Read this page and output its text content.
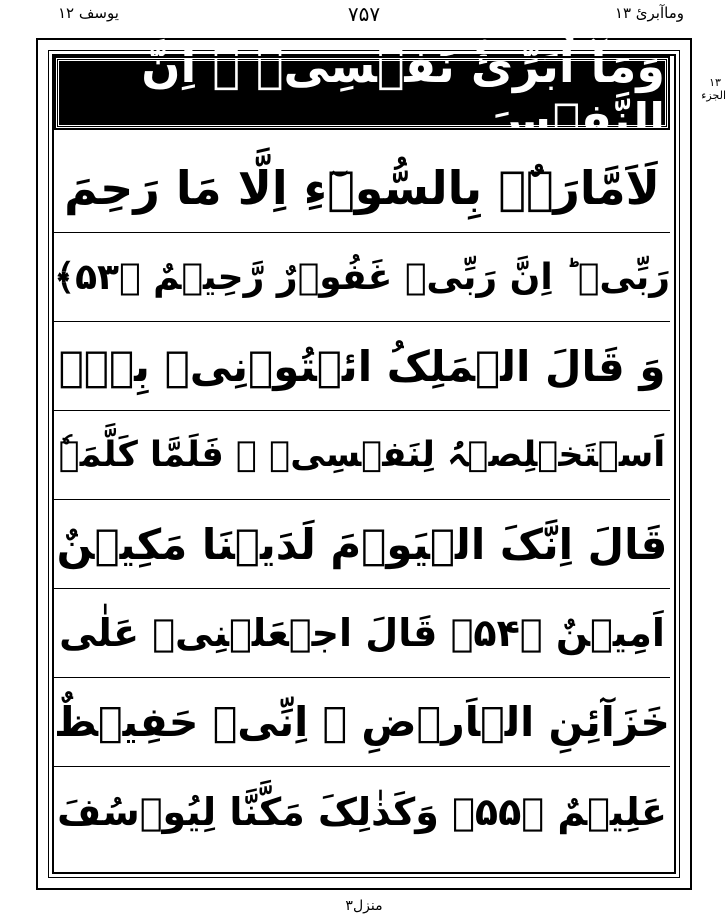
وماآبرئ ۱۳
۷۵۷
یوسف ۱۲
۱۳ الجزء
وَمَآ اُبَرِّئُ نَفۡسِیۡ ۚ اِنَّ النَّفۡسَ
لَاَمَّارَۃٌۢ بِالسُّوۡٓءِ اِلَّا مَا رَحِمَ
رَبِّیۡ ؕ اِنَّ رَبِّیۡ غَفُوۡرٌ رَّحِیۡمٌ ﴿۵۳﴾
وَ قَالَ الۡمَلِکُ ائۡتُوۡنِیۡ بِہٖۤ
اَسۡتَخۡلِصۡہُ لِنَفۡسِیۡ ۚ فَلَمَّا کَلَّمَہٗ
قَالَ اِنَّکَ الۡیَوۡمَ لَدَیۡنَا مَکِیۡنٌ
اَمِیۡنٌ ﴿۵۴﴾ قَالَ اجۡعَلۡنِیۡ عَلٰی
خَزَآئِنِ الۡاَرۡضِ ۚ اِنِّیۡ حَفِیۡظٌ
عَلِیۡمٌ ﴿۵۵﴾ وَکَذٰلِکَ مَکَّنَّا لِیُوۡسُفَ
منزل۳
